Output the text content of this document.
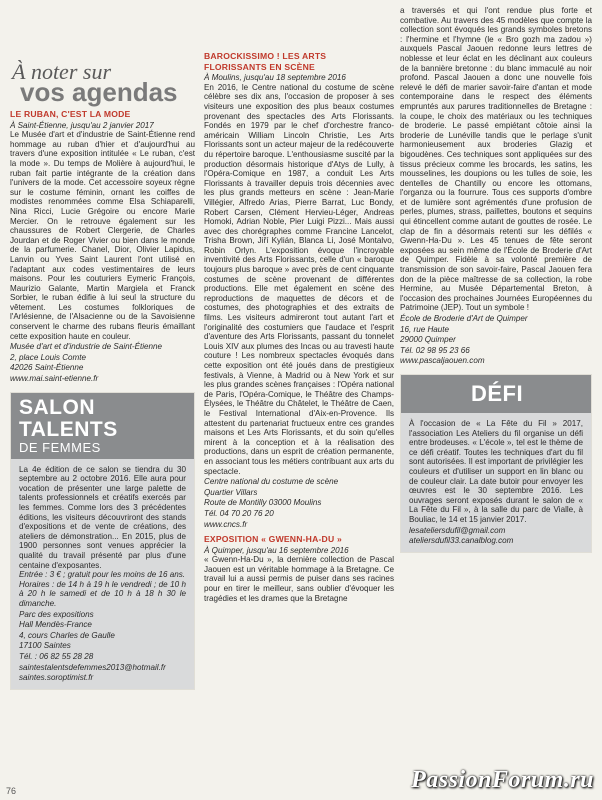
À noter sur
vos agendas
LE RUBAN, C'EST LA MODE

À Saint-Étienne, jusqu'au 2 janvier 2017

Le Musée d'art et d'industrie de Saint-Étienne rend hommage au ruban d'hier et d'aujourd'hui au travers d'une exposition intitulée « Le ruban, c'est la mode ». Du temps de Molière à aujourd'hui, le ruban fait partie intégrante de la création dans l'univers de la mode. Cet accessoire soyeux règne sur le costume féminin, ornant les coiffes de modistes renommées comme Elsa Schiaparelli, Nina Ricci, Lucie Grégoire ou encore Marie Mercier. On le retrouve également sur les chaussures de Robert Clergerie, de Charles Jourdan et de Roger Vivier ou bien dans le monde de la parfumerie. Chanel, Dior, Olivier Lapidus, Lanvin ou Yves Saint Laurent l'ont utilisé en l'adaptant aux codes vestimentaires de leurs maisons. Pour les couturiers Eymeric François, Maurizio Galante, Martin Margiela et Franck Sorbier, le ruban édifie à lui seul la structure du vêtement. Les costumes folkloriques de l'Arlésienne, de l'Alsacienne ou de la Savoisienne conservent le charme des rubans fleuris émaillant cette exposition haute en couleur.

Musée d'art et d'industrie de Saint-Étienne

2, place Louis Comte

42026 Saint-Étienne

www.mai.saint-etienne.fr

SALON TALENTS
DE FEMMES

La 4e édition de ce salon se tiendra du 30 septembre au 2 octobre 2016. Elle aura pour vocation de présenter une large palette de talents professionnels et créatifs exercés par les femmes. Comme lors des 3 précédentes éditions, les visiteurs découvriront des stands d'expositions et de vente de créations, des ateliers de démonstration... En 2015, plus de 1900 personnes sont venues apprécier la qualité du travail présenté par plus d'une centaine d'exposantes.

Entrée : 3 € ; gratuit pour les moins de 16 ans.

Horaires : de 14 h à 19 h le vendredi ; de 10 h à 20 h le samedi et de 10 h à 18 h 30 le dimanche.

Parc des expositions

Hall Mendès-France

4, cours Charles de Gaulle

17100 Saintes

Tél. : 06 82 55 28 28

saintestalentsdefemmes2013@hotmail.fr

saintes.soroptimist.fr

BAROCKISSIMO ! LES ARTS
FLORISSANTS EN SCÈNE

À Moulins, jusqu'au 18 septembre 2016

En 2016, le Centre national du costume de scène célèbre ses dix ans, l'occasion de proposer à ses visiteurs une exposition des plus beaux costumes provenant des spectacles des Arts Florissants. Fondés en 1979 par le chef d'orchestre franco-américain William Lincoln Christie, Les Arts Florissants sont un acteur majeur de la redécouverte du répertoire baroque. L'enthousiasme suscité par la production désormais historique d'Atys de Lully, à l'Opéra-Comique en 1987, a conduit Les Arts Florissants à travailler depuis trois décennies avec les plus grands metteurs en scène : Jean-Marie Villégier, Alfredo Arias, Pierre Barrat, Luc Bondy, Robert Carsen, Clément Hervieu-Léger, Andreas Homoki, Adrian Noble, Pier Luigi Pizzi... Mais aussi avec des chorégraphes comme Francine Lancelot, Trisha Brown, Jiří Kylián, Blanca Li, José Montalvo, Robin Orlyn. L'exposition évoque l'incroyable inventivité des Arts Florissants, celle d'un « baroque toujours plus baroque » avec près de cent cinquante costumes de scène provenant de différentes productions. Elle met également en scène des reproductions de maquettes de décors et de costumes, des photographies et des extraits de films. Les visiteurs admireront tout autant l'art et l'originalité des costumiers que l'audace et l'esprit d'aventure des Arts Florissants, passant du tonnelet Louis XIV aux plumes des Incas ou au travesti haute couture ! Les nombreux spectacles évoqués dans cette exposition ont été joués dans de prestigieux festivals, à Vienne, à Madrid ou à New York et sur les plus grandes scènes françaises : l'Opéra national de Paris, l'Opéra-Comique, le Théâtre des Champs-Élysées, le Théâtre du Châtelet, le Théâtre de Caen, le Festival International d'Aix-en-Provence. Ils attestent du partenariat fructueux entre ces grandes maisons et Les Arts Florissants, et du soin qu'elles mirent à la conception et à la réalisation des productions, dans un esprit de création permanente, en associant tous les métiers contribuant aux arts du spectacle.

Centre national du costume de scène

Quartier Villars

Route de Montilly 03000 Moulins

Tél. 04 70 20 76 20

www.cncs.fr

EXPOSITION « GWENN-HA-DU »

À Quimper, jusqu'au 16 septembre 2016

« Gwenn-Ha-Du », la dernière collection de Pascal Jaouen est un véritable hommage à la Bretagne. Ce travail lui a aussi permis de puiser dans ses racines pour en tirer le meilleur, sans oublier d'évoquer les tragédies et les drames que la Bretagne

a traversés et qui l'ont rendue plus forte et combative. Au travers des 45 modèles que compte la collection sont évoqués les grands symboles bretons : l'hermine et l'hymne (le « Bro gozh ma zadou ») auxquels Pascal Jaouen redonne leurs lettres de noblesse et leur éclat en les déclinant aux couleurs de la bannière bretonne : du blanc immaculé au noir profond. Pascal Jaouen a donc une nouvelle fois relevé le défi de marier savoir-faire d'antan et mode contemporaine dans le respect des éléments empruntés aux parures traditionnelles de Bretagne : la coupe, le choix des matériaux ou les techniques de broderie. Le passé empiétant côtoie ainsi la broderie de Lunéville tandis que le perlage s'unit harmonieusement aux broderies Glazig et bigoudènes. Ces techniques sont appliquées sur des tissus précieux comme les brocards, les satins, les mousselines, les doupions ou les tulles de soie, les dentelles de Chantilly ou encore les ottomans, l'organza ou la fourrure. Tous ces supports d'ombre et de lumière sont agrémentés d'une profusion de perles, plumes, strass, paillettes, boutons et sequins qui étincellent comme autant de gouttes de rosée. Le clap de fin a désormais retenti sur les défilés « Gwenn-Ha-Du ». Les 45 tenues de fête seront exposées au sein même de l'École de Broderie d'Art de Quimper. Fidèle à sa volonté première de transmission de son savoir-faire, Pascal Jaouen fera don de la pièce maîtresse de sa collection, la robe Hermine, au Musée Départemental Breton, à l'occasion des prochaines Journées Européennes du Patrimoine (JEP). Tout un symbole !

École de Broderie d'Art de Quimper

16, rue Haute

29000 Quimper

Tél. 02 98 95 23 66

www.pascaljaouen.com

DÉFI

À l'occasion de « La Fête du Fil » 2017, l'association Les Ateliers du fil organise un défi entre brodeuses. « L'école », tel est le thème de ce défi créatif. Toutes les techniques d'art du fil sont autorisées. Il est important de privilégier les couleurs et d'utiliser un support en lin blanc ou de couleur clair. La date butoir pour envoyer les œuvres est le 30 septembre 2016. Les ouvrages seront exposés durant le salon de « La Fête du Fil », à la salle du parc de Vialle, à Bouliac, le 14 et 15 janvier 2017.

lesateliersdufil@gmail.com

ateliersdufil33.canalblog.com

76	PassionForum.ru
